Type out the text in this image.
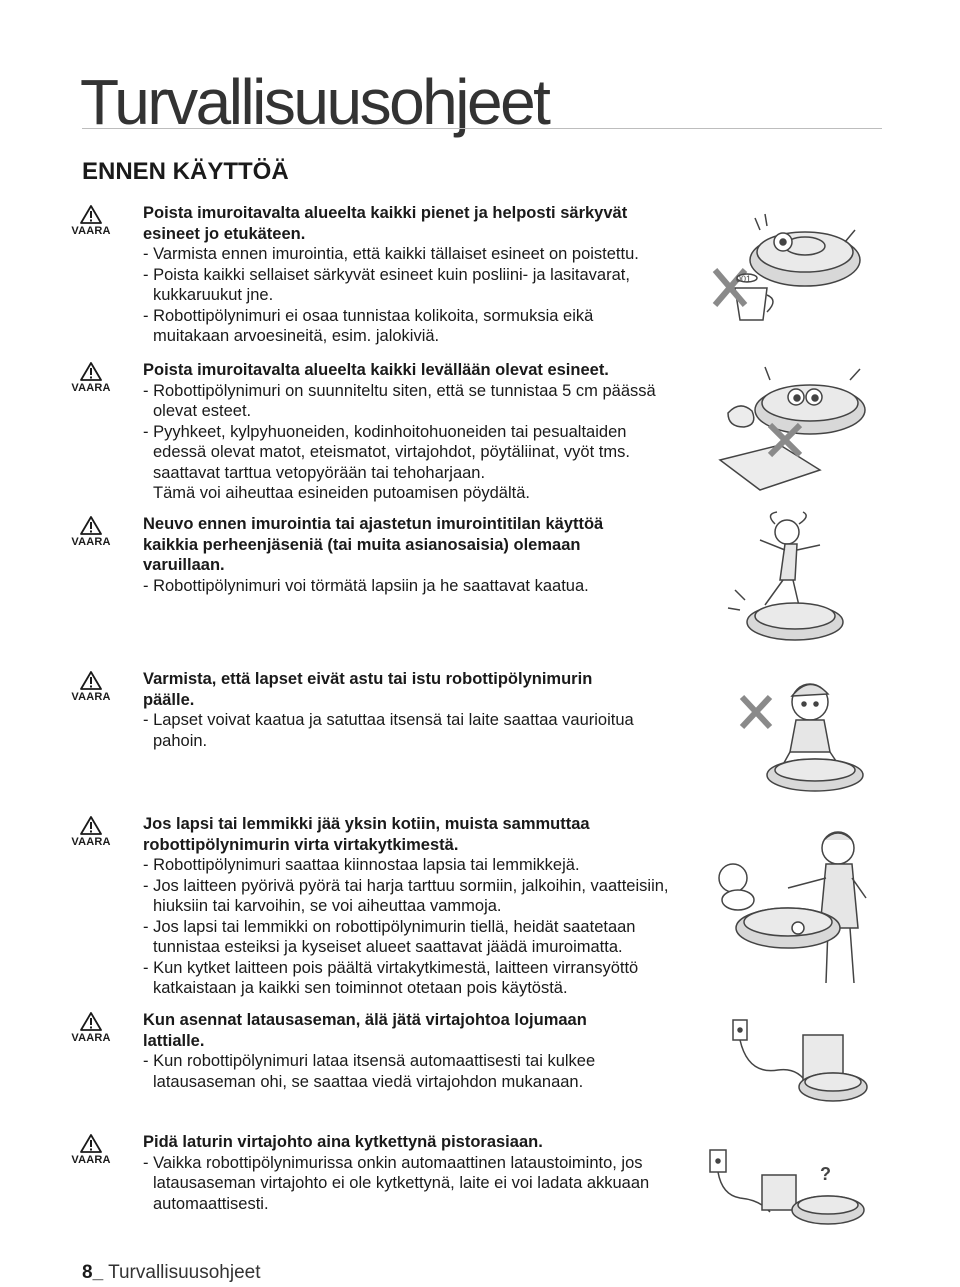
Turvallisuusohjeet
ENNEN KÄYTTÖÄ
VAARA

Poista imuroitavalta alueelta kaikki pienet ja helposti särkyvät

esineet jo etukäteen.

- Varmista ennen imurointia, että kaikki tällaiset esineet on poistettu.

- Poista kaikki sellaiset särkyvät esineet kuin posliini- ja lasitavarat,

kukkaruukut jne.

- Robottipölynimuri ei osaa tunnistaa kolikoita, sormuksia eikä

muitakaan arvoesineitä, esim. jalokiviä.

VAARA

Poista imuroitavalta alueelta kaikki levällään olevat esineet.

- Robottipölynimuri on suunniteltu siten, että se tunnistaa 5 cm päässä

olevat esteet.

- Pyyhkeet, kylpyhuoneiden, kodinhoitohuoneiden tai pesualtaiden

edessä olevat matot, eteismatot, virtajohdot, pöytäliinat, vyöt tms.

saattavat tarttua vetopyörään tai tehoharjaan.

Tämä voi aiheuttaa esineiden putoamisen pöydältä.

VAARA

Neuvo ennen imurointia tai ajastetun imurointitilan käyttöä

kaikkia perheenjäseniä (tai muita asianosaisia) olemaan

varuillaan.

- Robottipölynimuri voi törmätä lapsiin ja he saattavat kaatua.

VAARA

Varmista, että lapset eivät astu tai istu robottipölynimurin

päälle.

- Lapset voivat kaatua ja satuttaa itsensä tai laite saattaa vaurioitua

pahoin.

VAARA

Jos lapsi tai lemmikki jää yksin kotiin, muista sammuttaa

robottipölynimurin virta virtakytkimestä.

- Robottipölynimuri saattaa kiinnostaa lapsia tai lemmikkejä.

- Jos laitteen pyörivä pyörä tai harja tarttuu sormiin, jalkoihin, vaatteisiin,

hiuksiin tai karvoihin, se voi aiheuttaa vammoja.

- Jos lapsi tai lemmikki on robottipölynimurin tiellä, heidät saatetaan

tunnistaa esteiksi ja kyseiset alueet saattavat jäädä imuroimatta.

- Kun kytket laitteen pois päältä virtakytkimestä, laitteen virransyöttö

katkaistaan ja kaikki sen toiminnot otetaan pois käytöstä.

VAARA

Kun asennat latausaseman, älä jätä virtajohtoa lojumaan

lattialle.

- Kun robottipölynimuri lataa itsensä automaattisesti tai kulkee

latausaseman ohi, se saattaa viedä virtajohdon mukanaan.

VAARA

Pidä laturin virtajohto aina kytkettynä pistorasiaan.

- Vaikka robottipölynimurissa onkin automaattinen lataustoiminto, jos

latausaseman virtajohto ei ole kytkettynä, laite ei voi ladata akkuaan

automaattisesti.

001
?
8_ Turvallisuusohjeet
